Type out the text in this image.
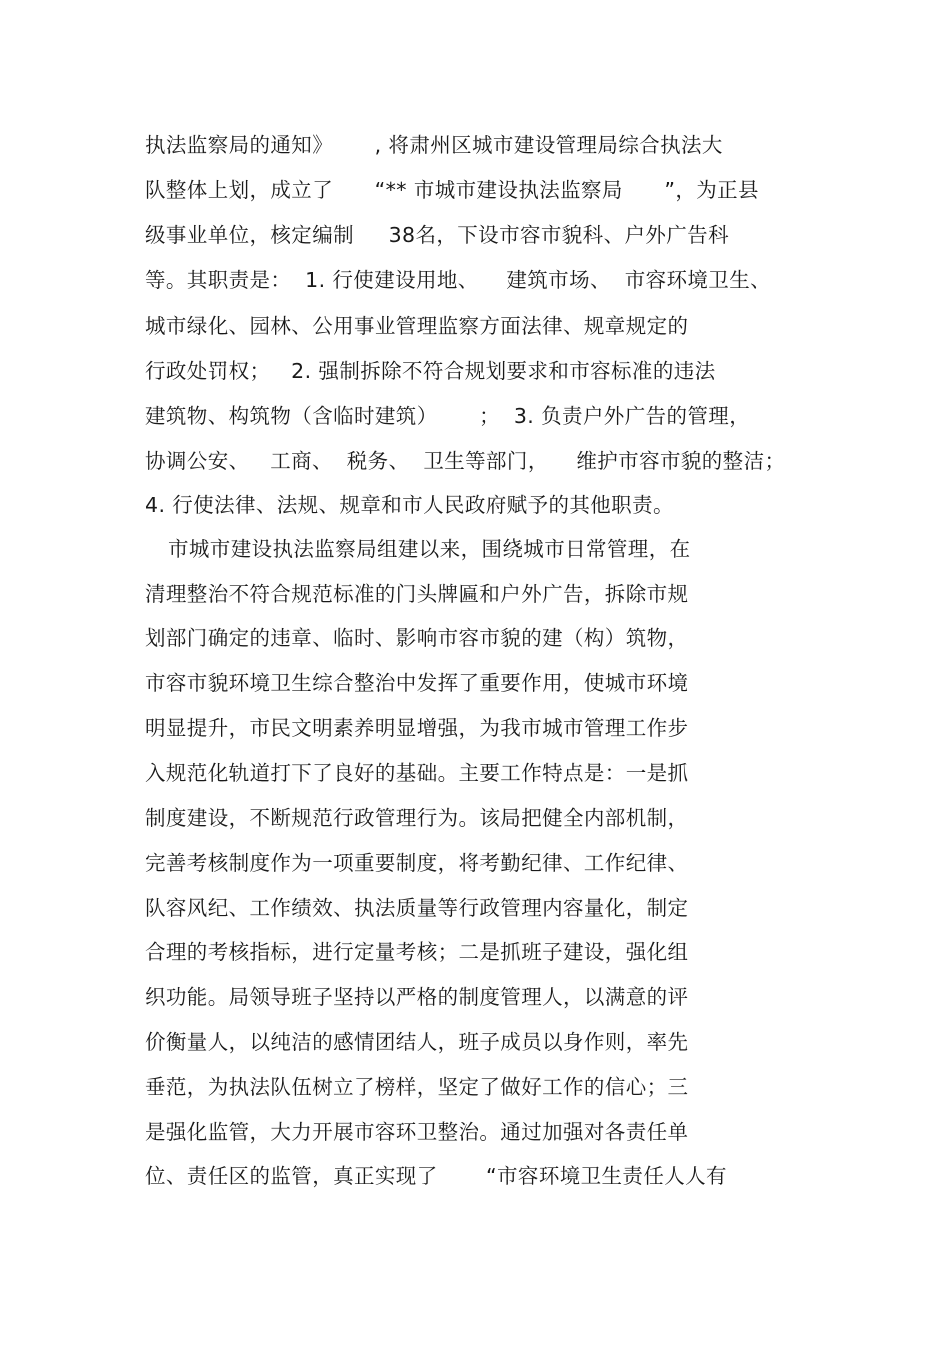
执法监察局的通知》      , 将肃州区城市建设管理局综合执法大
队整体上划，成立了      “** 市城市建设执法监察局      ”，为正县
级事业单位，核定编制     38名，下设市容市貌科、户外广告科
等。其职责是：  1. 行使建设用地、    建筑市场、  市容环境卫生、
城市绿化、园林、公用事业管理监察方面法律、规章规定的
行政处罚权；   2. 强制拆除不符合规划要求和市容标准的违法
建筑物、构筑物（含临时建筑）      ；  3. 负责户外广告的管理，
协调公安、   工商、  税务、  卫生等部门，    维护市容市貌的整洁；
4. 行使法律、法规、规章和市人民政府赋予的其他职责。
市城市建设执法监察局组建以来，围绕城市日常管理，在
清理整治不符合规范标准的门头牌匾和户外广告，拆除市规
划部门确定的违章、临时、影响市容市貌的建（构）筑物，
市容市貌环境卫生综合整治中发挥了重要作用，使城市环境
明显提升，市民文明素养明显增强，为我市城市管理工作步
入规范化轨道打下了良好的基础。主要工作特点是：一是抓
制度建设，不断规范行政管理行为。该局把健全内部机制，
完善考核制度作为一项重要制度，将考勤纪律、工作纪律、
队容风纪、工作绩效、执法质量等行政管理内容量化，制定
合理的考核指标，进行定量考核；二是抓班子建设，强化组
织功能。局领导班子坚持以严格的制度管理人，以满意的评
价衡量人，以纯洁的感情团结人，班子成员以身作则，率先
垂范，为执法队伍树立了榜样，坚定了做好工作的信心；三
是强化监管，大力开展市容环卫整治。通过加强对各责任单
位、责任区的监管，真正实现了       “市容环境卫生责任人人有
